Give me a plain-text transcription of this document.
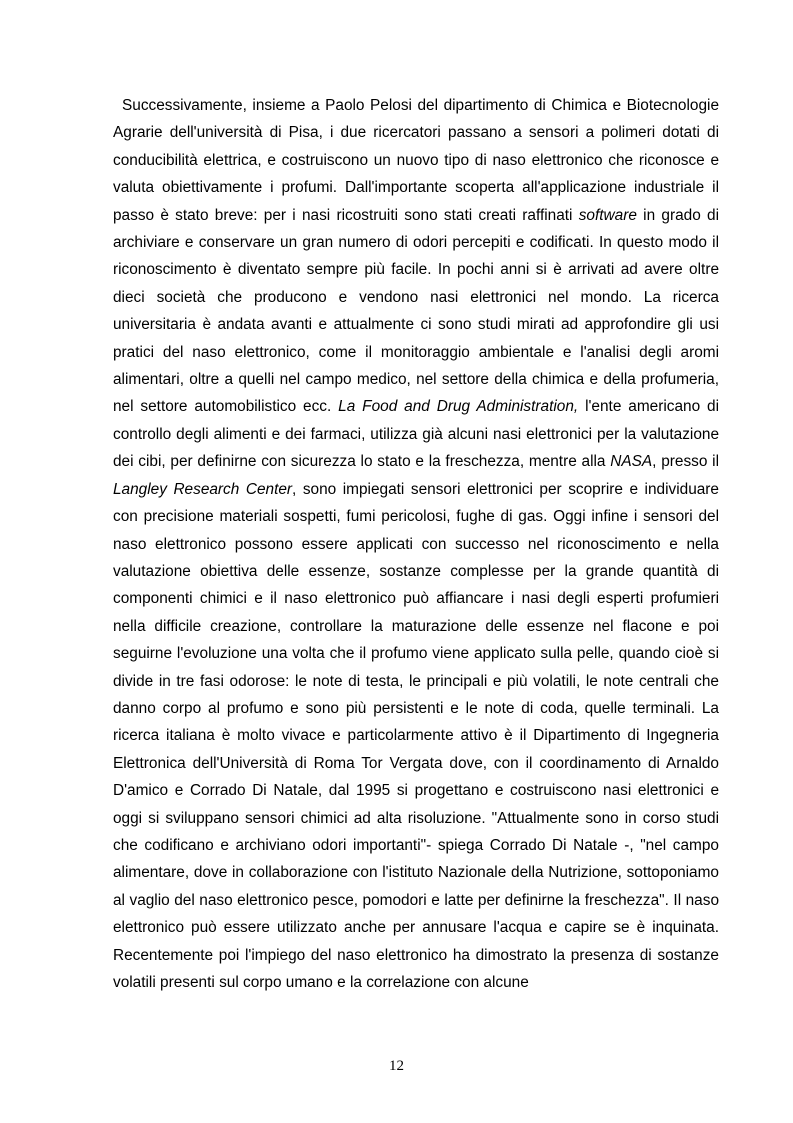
Successivamente, insieme a Paolo Pelosi del dipartimento di Chimica e Biotecnologie Agrarie dell'università di Pisa, i due ricercatori passano a sensori a polimeri dotati di conducibilità elettrica, e costruiscono un nuovo tipo di naso elettronico che riconosce e valuta obiettivamente i profumi. Dall'importante scoperta all'applicazione industriale il passo è stato breve: per i nasi ricostruiti sono stati creati raffinati software in grado di archiviare e conservare un gran numero di odori percepiti e codificati. In questo modo il riconoscimento è diventato sempre più facile. In pochi anni si è arrivati ad avere oltre dieci società che producono e vendono nasi elettronici nel mondo. La ricerca universitaria è andata avanti e attualmente ci sono studi mirati ad approfondire gli usi pratici del naso elettronico, come il monitoraggio ambientale e l'analisi degli aromi alimentari, oltre a quelli nel campo medico, nel settore della chimica e della profumeria, nel settore automobilistico ecc. La Food and Drug Administration, l'ente americano di controllo degli alimenti e dei farmaci, utilizza già alcuni nasi elettronici per la valutazione dei cibi, per definirne con sicurezza lo stato e la freschezza, mentre alla NASA, presso il Langley Research Center, sono impiegati sensori elettronici per scoprire e individuare con precisione materiali sospetti, fumi pericolosi, fughe di gas. Oggi infine i sensori del naso elettronico possono essere applicati con successo nel riconoscimento e nella valutazione obiettiva delle essenze, sostanze complesse per la grande quantità di componenti chimici e il naso elettronico può affiancare i nasi degli esperti profumieri nella difficile creazione, controllare la maturazione delle essenze nel flacone e poi seguirne l'evoluzione una volta che il profumo viene applicato sulla pelle, quando cioè si divide in tre fasi odorose: le note di testa, le principali e più volatili, le note centrali che danno corpo al profumo e sono più persistenti e le note di coda, quelle terminali. La ricerca italiana è molto vivace e particolarmente attivo è il Dipartimento di Ingegneria Elettronica dell'Università di Roma Tor Vergata dove, con il coordinamento di Arnaldo D'amico e Corrado Di Natale, dal 1995 si progettano e costruiscono nasi elettronici e oggi si sviluppano sensori chimici ad alta risoluzione. "Attualmente sono in corso studi che codificano e archiviano odori importanti"- spiega Corrado Di Natale -, "nel campo alimentare, dove in collaborazione con l'istituto Nazionale della Nutrizione, sottoponiamo al vaglio del naso elettronico pesce, pomodori e latte per definirne la freschezza". Il naso elettronico può essere utilizzato anche per annusare l'acqua e capire se è inquinata. Recentemente poi l'impiego del naso elettronico ha dimostrato la presenza di sostanze volatili presenti sul corpo umano e la correlazione con alcune

12
